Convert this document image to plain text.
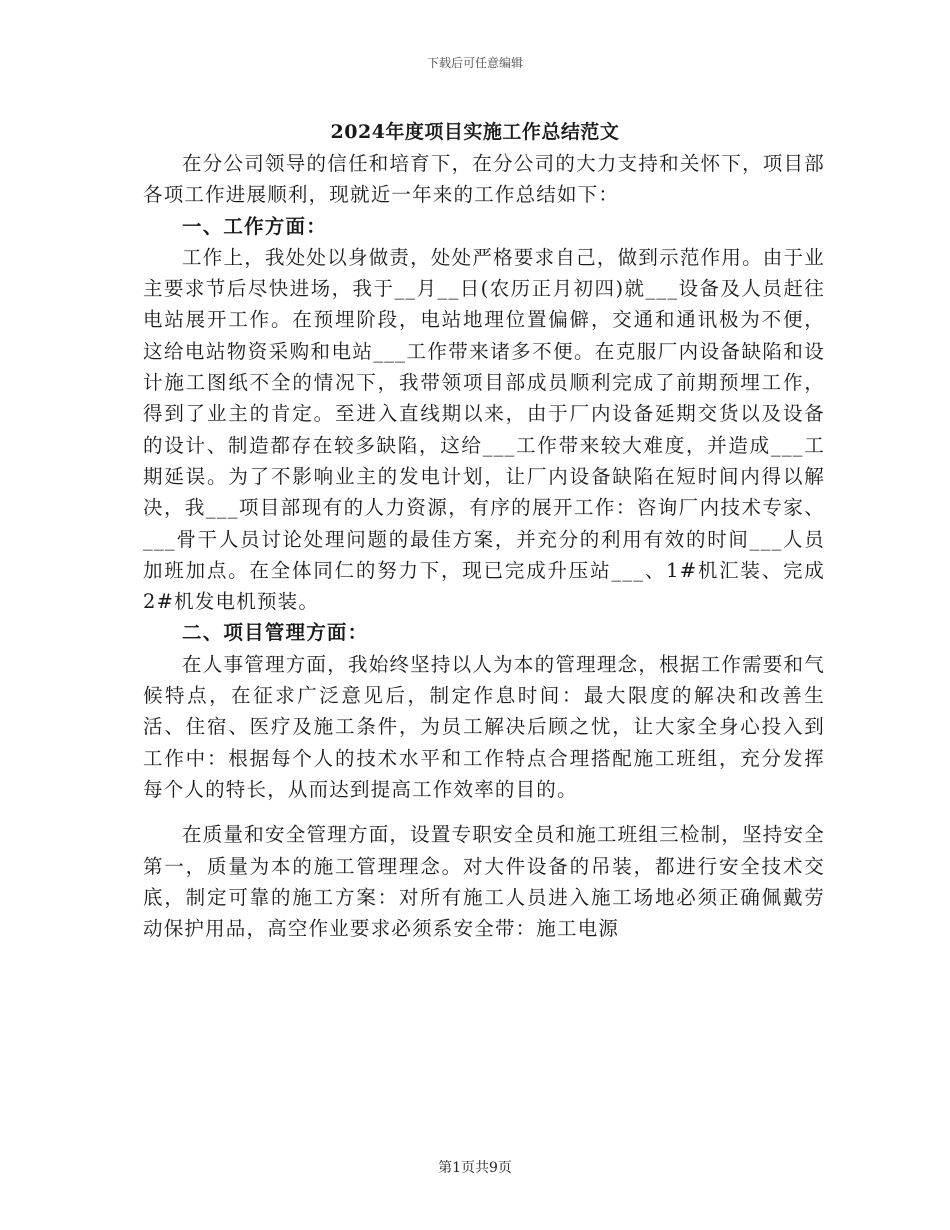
下载后可任意编辑
2024年度项目实施工作总结范文

在分公司领导的信任和培育下，在分公司的大力支持和关怀下，项目部各项工作进展顺利，现就近一年来的工作总结如下：

一、工作方面：

工作上，我处处以身做责，处处严格要求自己，做到示范作用。由于业主要求节后尽快进场，我于__月__日(农历正月初四)就___设备及人员赶往电站展开工作。在预埋阶段，电站地理位置偏僻，交通和通讯极为不便，这给电站物资采购和电站___工作带来诸多不便。在克服厂内设备缺陷和设计施工图纸不全的情况下，我带领项目部成员顺利完成了前期预埋工作，得到了业主的肯定。至进入直线期以来，由于厂内设备延期交货以及设备的设计、制造都存在较多缺陷，这给___工作带来较大难度，并造成___工期延误。为了不影响业主的发电计划，让厂内设备缺陷在短时间内得以解决，我___项目部现有的人力资源，有序的展开工作：咨询厂内技术专家、___骨干人员讨论处理问题的最佳方案，并充分的利用有效的时间___人员加班加点。在全体同仁的努力下，现已完成升压站___、1#机汇装、完成2#机发电机预装。

二、项目管理方面：

在人事管理方面，我始终坚持以人为本的管理理念，根据工作需要和气候特点，在征求广泛意见后，制定作息时间：最大限度的解决和改善生活、住宿、医疗及施工条件，为员工解决后顾之忧，让大家全身心投入到工作中：根据每个人的技术水平和工作特点合理搭配施工班组，充分发挥每个人的特长，从而达到提高工作效率的目的。

在质量和安全管理方面，设置专职安全员和施工班组三检制，坚持安全第一，质量为本的施工管理理念。对大件设备的吊装，都进行安全技术交底，制定可靠的施工方案：对所有施工人员进入施工场地必须正确佩戴劳动保护用品，高空作业要求必须系安全带：施工电源

第1页共9页
